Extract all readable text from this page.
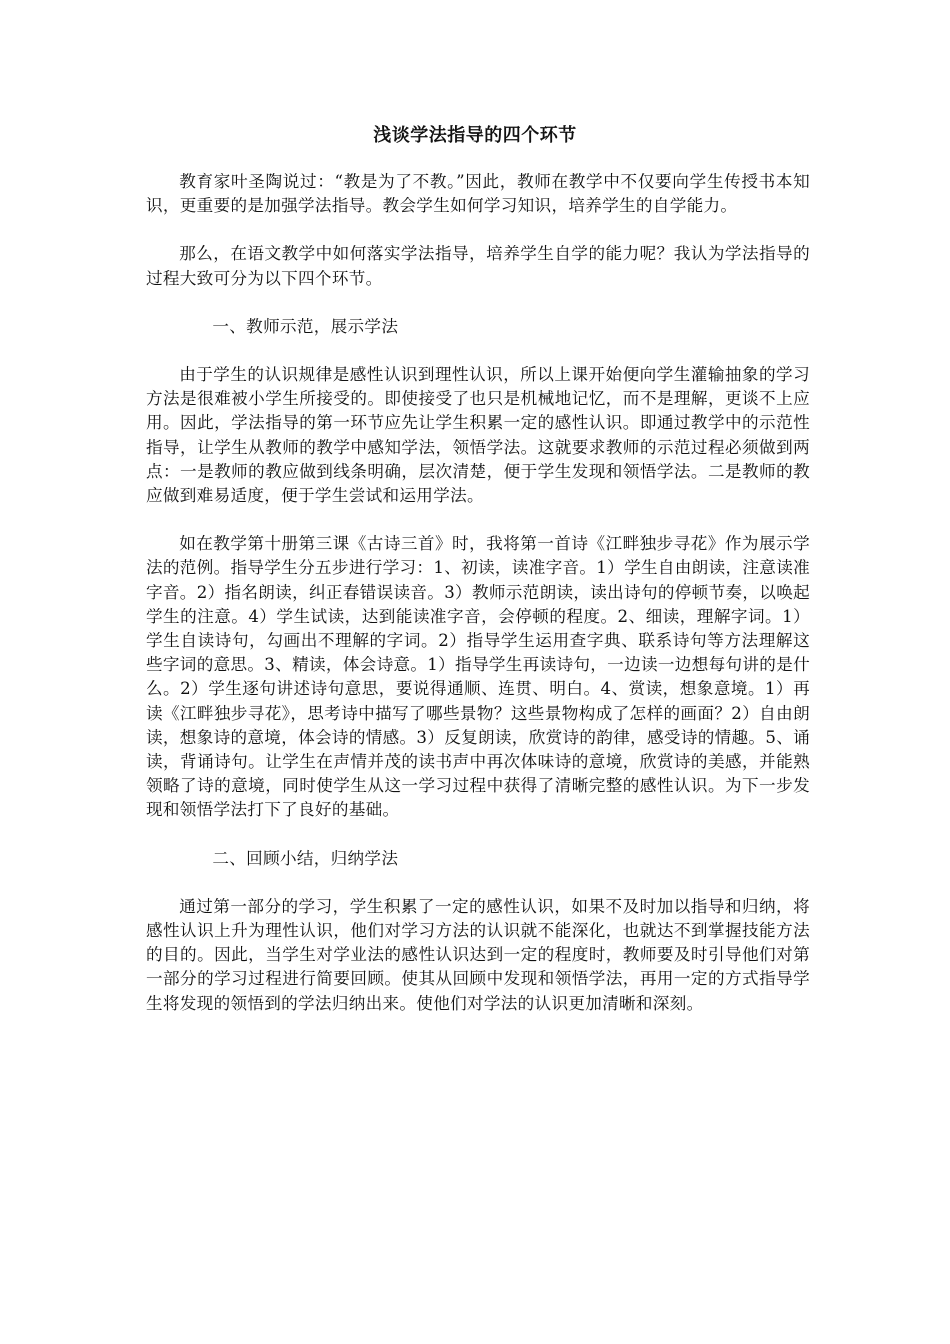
浅谈学法指导的四个环节

教育家叶圣陶说过：“教是为了不教。”因此，教师在教学中不仅要向学生传授书本知识，更重要的是加强学法指导。教会学生如何学习知识，培养学生的自学能力。

那么，在语文教学中如何落实学法指导，培养学生自学的能力呢？我认为学法指导的过程大致可分为以下四个环节。

一、教师示范，展示学法

由于学生的认识规律是感性认识到理性认识，所以上课开始便向学生灌输抽象的学习方法是很难被小学生所接受的。即使接受了也只是机械地记忆，而不是理解，更谈不上应用。因此，学法指导的第一环节应先让学生积累一定的感性认识。即通过教学中的示范性指导，让学生从教师的教学中感知学法，领悟学法。这就要求教师的示范过程必须做到两点：一是教师的教应做到线条明确，层次清楚，便于学生发现和领悟学法。二是教师的教应做到难易适度，便于学生尝试和运用学法。

如在教学第十册第三课《古诗三首》时，我将第一首诗《江畔独步寻花》作为展示学法的范例。指导学生分五步进行学习：1、初读，读准字音。1）学生自由朗读，注意读准字音。2）指名朗读，纠正春错误读音。3）教师示范朗读，读出诗句的停顿节奏，以唤起学生的注意。4）学生试读，达到能读准字音，会停顿的程度。2、细读，理解字词。1）学生自读诗句，勾画出不理解的字词。2）指导学生运用查字典、联系诗句等方法理解这些字词的意思。3、精读，体会诗意。1）指导学生再读诗句，一边读一边想每句讲的是什么。2）学生逐句讲述诗句意思，要说得通顺、连贯、明白。4、赏读，想象意境。1）再读《江畔独步寻花》，思考诗中描写了哪些景物？这些景物构成了怎样的画面？2）自由朗读，想象诗的意境，体会诗的情感。3）反复朗读，欣赏诗的韵律，感受诗的情趣。5、诵读，背诵诗句。让学生在声情并茂的读书声中再次体味诗的意境，欣赏诗的美感，并能熟领略了诗的意境，同时使学生从这一学习过程中获得了清晰完整的感性认识。为下一步发现和领悟学法打下了良好的基础。

二、回顾小结，归纳学法

通过第一部分的学习，学生积累了一定的感性认识，如果不及时加以指导和归纳，将感性认识上升为理性认识，他们对学习方法的认识就不能深化，也就达不到掌握技能方法的目的。因此，当学生对学业法的感性认识达到一定的程度时，教师要及时引导他们对第一部分的学习过程进行简要回顾。使其从回顾中发现和领悟学法，再用一定的方式指导学生将发现的领悟到的学法归纳出来。使他们对学法的认识更加清晰和深刻。
